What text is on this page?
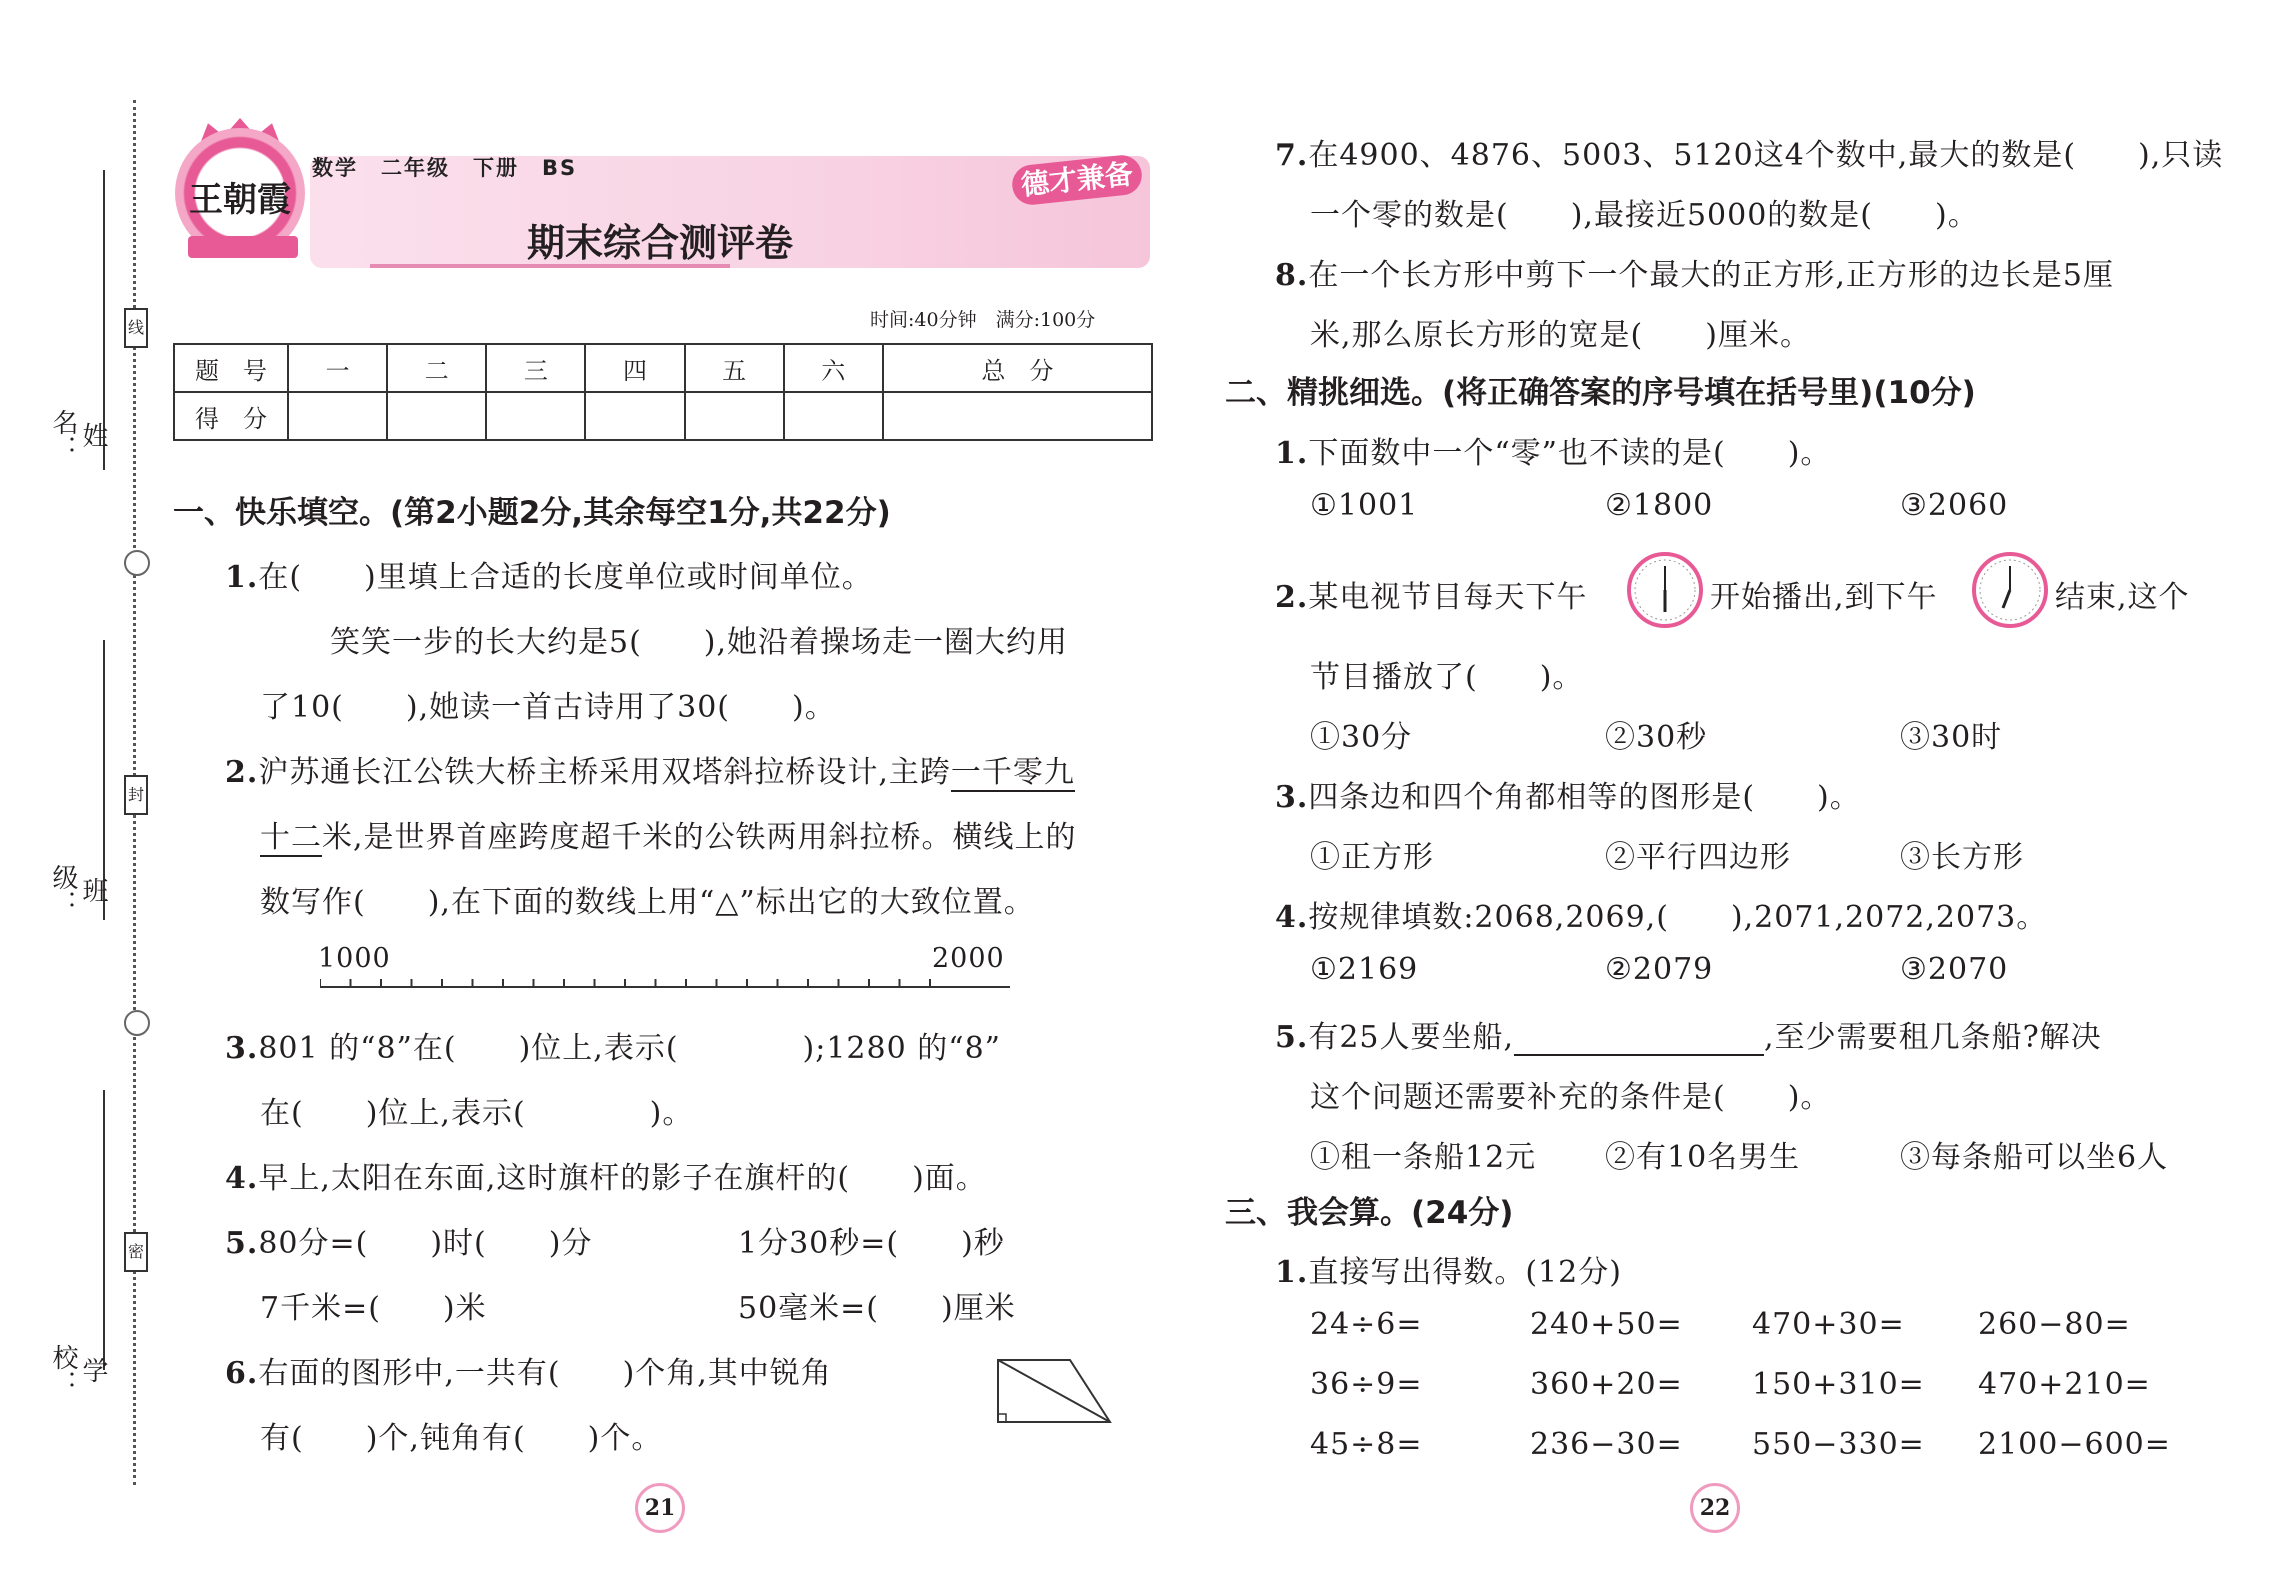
姓　名：
班　级：
学　校：
线
封
密
王朝霞
数学　二年级　下册　BS
期末综合测评卷
德才兼备
时间:40分钟　满分:100分
题　号	一	二	三	四	五	六	总　分
得　分							
一、快乐填空。(第2小题2分,其余每空1分,共22分)
1.在(　　)里填上合适的长度单位或时间单位。
笑笑一步的长大约是5(　　),她沿着操场走一圈大约用
了10(　　),她读一首古诗用了30(　　)。
2.沪苏通长江公铁大桥主桥采用双塔斜拉桥设计,主跨一千零九
十二米,是世界首座跨度超千米的公铁两用斜拉桥。横线上的
数写作(　　),在下面的数线上用“△”标出它的大致位置。
1000	2000
3.801 的“8”在(　　)位上,表示(　　　　);1280 的“8”
在(　　)位上,表示(　　　　)。
4.早上,太阳在东面,这时旗杆的影子在旗杆的(　　)面。
5.80分=(　　)时(　　)分	1分30秒=(　　)秒
7千米=(　　)米	50毫米=(　　)厘米
6.右面的图形中,一共有(　　)个角,其中锐角
有(　　)个,钝角有(　　)个。
21
7.在4900、4876、5003、5120这4个数中,最大的数是(　　),只读
一个零的数是(　　),最接近5000的数是(　　)。
8.在一个长方形中剪下一个最大的正方形,正方形的边长是5厘
米,那么原长方形的宽是(　　)厘米。
二、精挑细选。(将正确答案的序号填在括号里)(10分)
1.下面数中一个“零”也不读的是(　　)。
①1001	②1800	③2060
2.某电视节目每天下午	开始播出,到下午	结束,这个
节目播放了(　　)。
①30分	②30秒	③30时
3.四条边和四个角都相等的图形是(　　)。
①正方形	②平行四边形	③长方形
4.按规律填数:2068,2069,(　　),2071,2072,2073。
①2169	②2079	③2070
5.有25人要坐船,	,至少需要租几条船?解决
这个问题还需要补充的条件是(　　)。
①租一条船12元 ②有10名男生	③每条船可以坐6人
三、我会算。(24分)
1.直接写出得数。(12分)
24÷6=	240+50= 470+30= 260−80=
36÷9=	360+20= 150+310= 470+210=
45÷8=	236−30= 550−330= 2100−600=
22
